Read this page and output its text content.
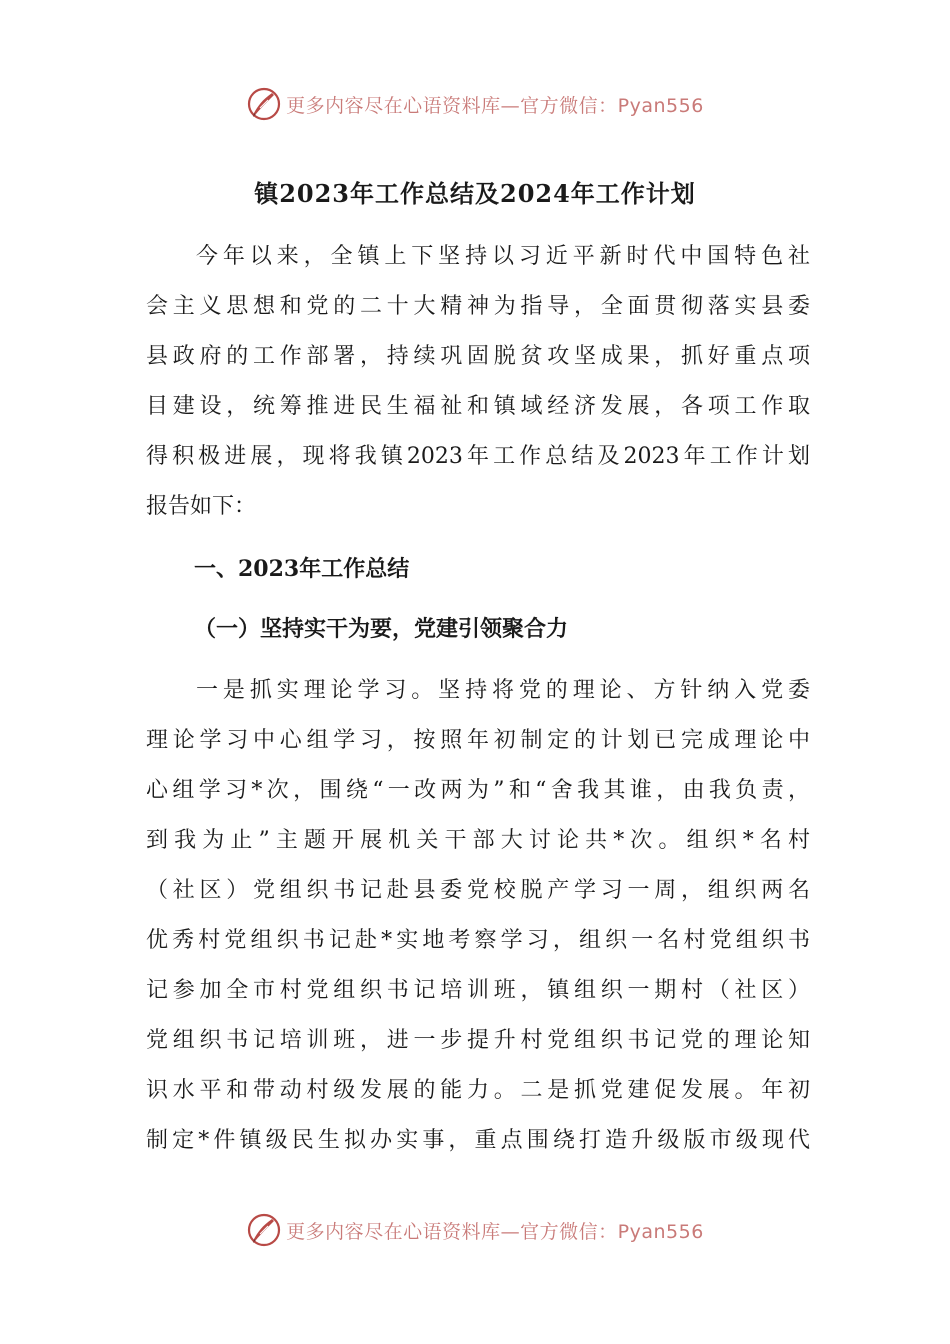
更多内容尽在心语资料库—官方微信：Pyan556
镇2023年工作总结及2024年工作计划
今年以来，全镇上下坚持以习近平新时代中国特色社
会主义思想和党的二十大精神为指导，全面贯彻落实县委
县政府的工作部署，持续巩固脱贫攻坚成果，抓好重点项
目建设，统筹推进民生福祉和镇域经济发展，各项工作取
得积极进展，现将我镇2023年工作总结及2023年工作计划
报告如下：
一、2023年工作总结
（一）坚持实干为要，党建引领聚合力
一是抓实理论学习。坚持将党的理论、方针纳入党委
理论学习中心组学习，按照年初制定的计划已完成理论中
心组学习*次，围绕“一改两为”和“舍我其谁，由我负责，
到我为止”主题开展机关干部大讨论共*次。组织*名村
（社区）党组织书记赴县委党校脱产学习一周，组织两名
优秀村党组织书记赴*实地考察学习，组织一名村党组织书
记参加全市村党组织书记培训班，镇组织一期村（社区）
党组织书记培训班，进一步提升村党组织书记党的理论知
识水平和带动村级发展的能力。二是抓党建促发展。年初
制定*件镇级民生拟办实事，重点围绕打造升级版市级现代
更多内容尽在心语资料库—官方微信：Pyan556
